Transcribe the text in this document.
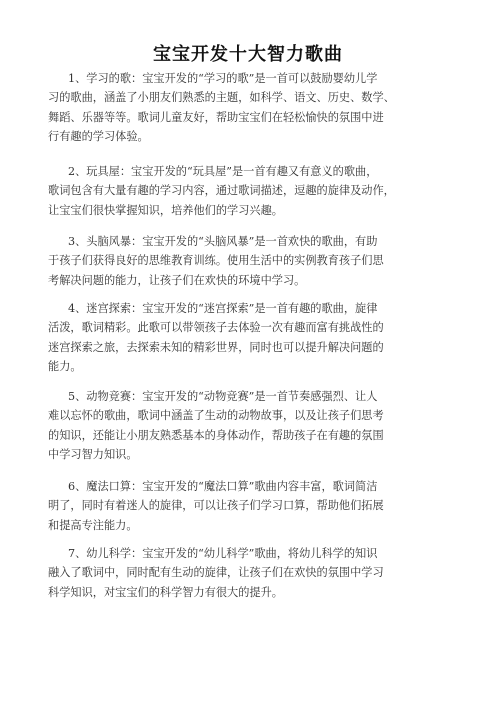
宝宝开发十大智力歌曲
1、学习的歌：宝宝开发的“学习的歌”是一首可以鼓励婴幼儿学
习的歌曲，涵盖了小朋友们熟悉的主题，如科学、语文、历史、数学、
舞蹈、乐器等等。歌词儿童友好，帮助宝宝们在轻松愉快的氛围中进
行有趣的学习体验。
2、玩具屋：宝宝开发的“玩具屋”是一首有趣又有意义的歌曲，
歌词包含有大量有趣的学习内容，通过歌词描述，逗趣的旋律及动作，
让宝宝们很快掌握知识，培养他们的学习兴趣。
3、头脑风暴：宝宝开发的“头脑风暴”是一首欢快的歌曲，有助
于孩子们获得良好的思维教育训练。使用生活中的实例教育孩子们思
考解决问题的能力，让孩子们在欢快的环境中学习。
4、迷宫探索：宝宝开发的“迷宫探索”是一首有趣的歌曲，旋律
活泼，歌词精彩。此歌可以带领孩子去体验一次有趣而富有挑战性的
迷宫探索之旅，去探索未知的精彩世界，同时也可以提升解决问题的
能力。
5、动物竞赛：宝宝开发的“动物竞赛”是一首节奏感强烈、让人
难以忘怀的歌曲，歌词中涵盖了生动的动物故事，以及让孩子们思考
的知识，还能让小朋友熟悉基本的身体动作，帮助孩子在有趣的氛围
中学习智力知识。
6、魔法口算：宝宝开发的“魔法口算”歌曲内容丰富，歌词简洁
明了，同时有着迷人的旋律，可以让孩子们学习口算，帮助他们拓展
和提高专注能力。
7、幼儿科学：宝宝开发的“幼儿科学”歌曲，将幼儿科学的知识
融入了歌词中，同时配有生动的旋律，让孩子们在欢快的氛围中学习
科学知识，对宝宝们的科学智力有很大的提升。
